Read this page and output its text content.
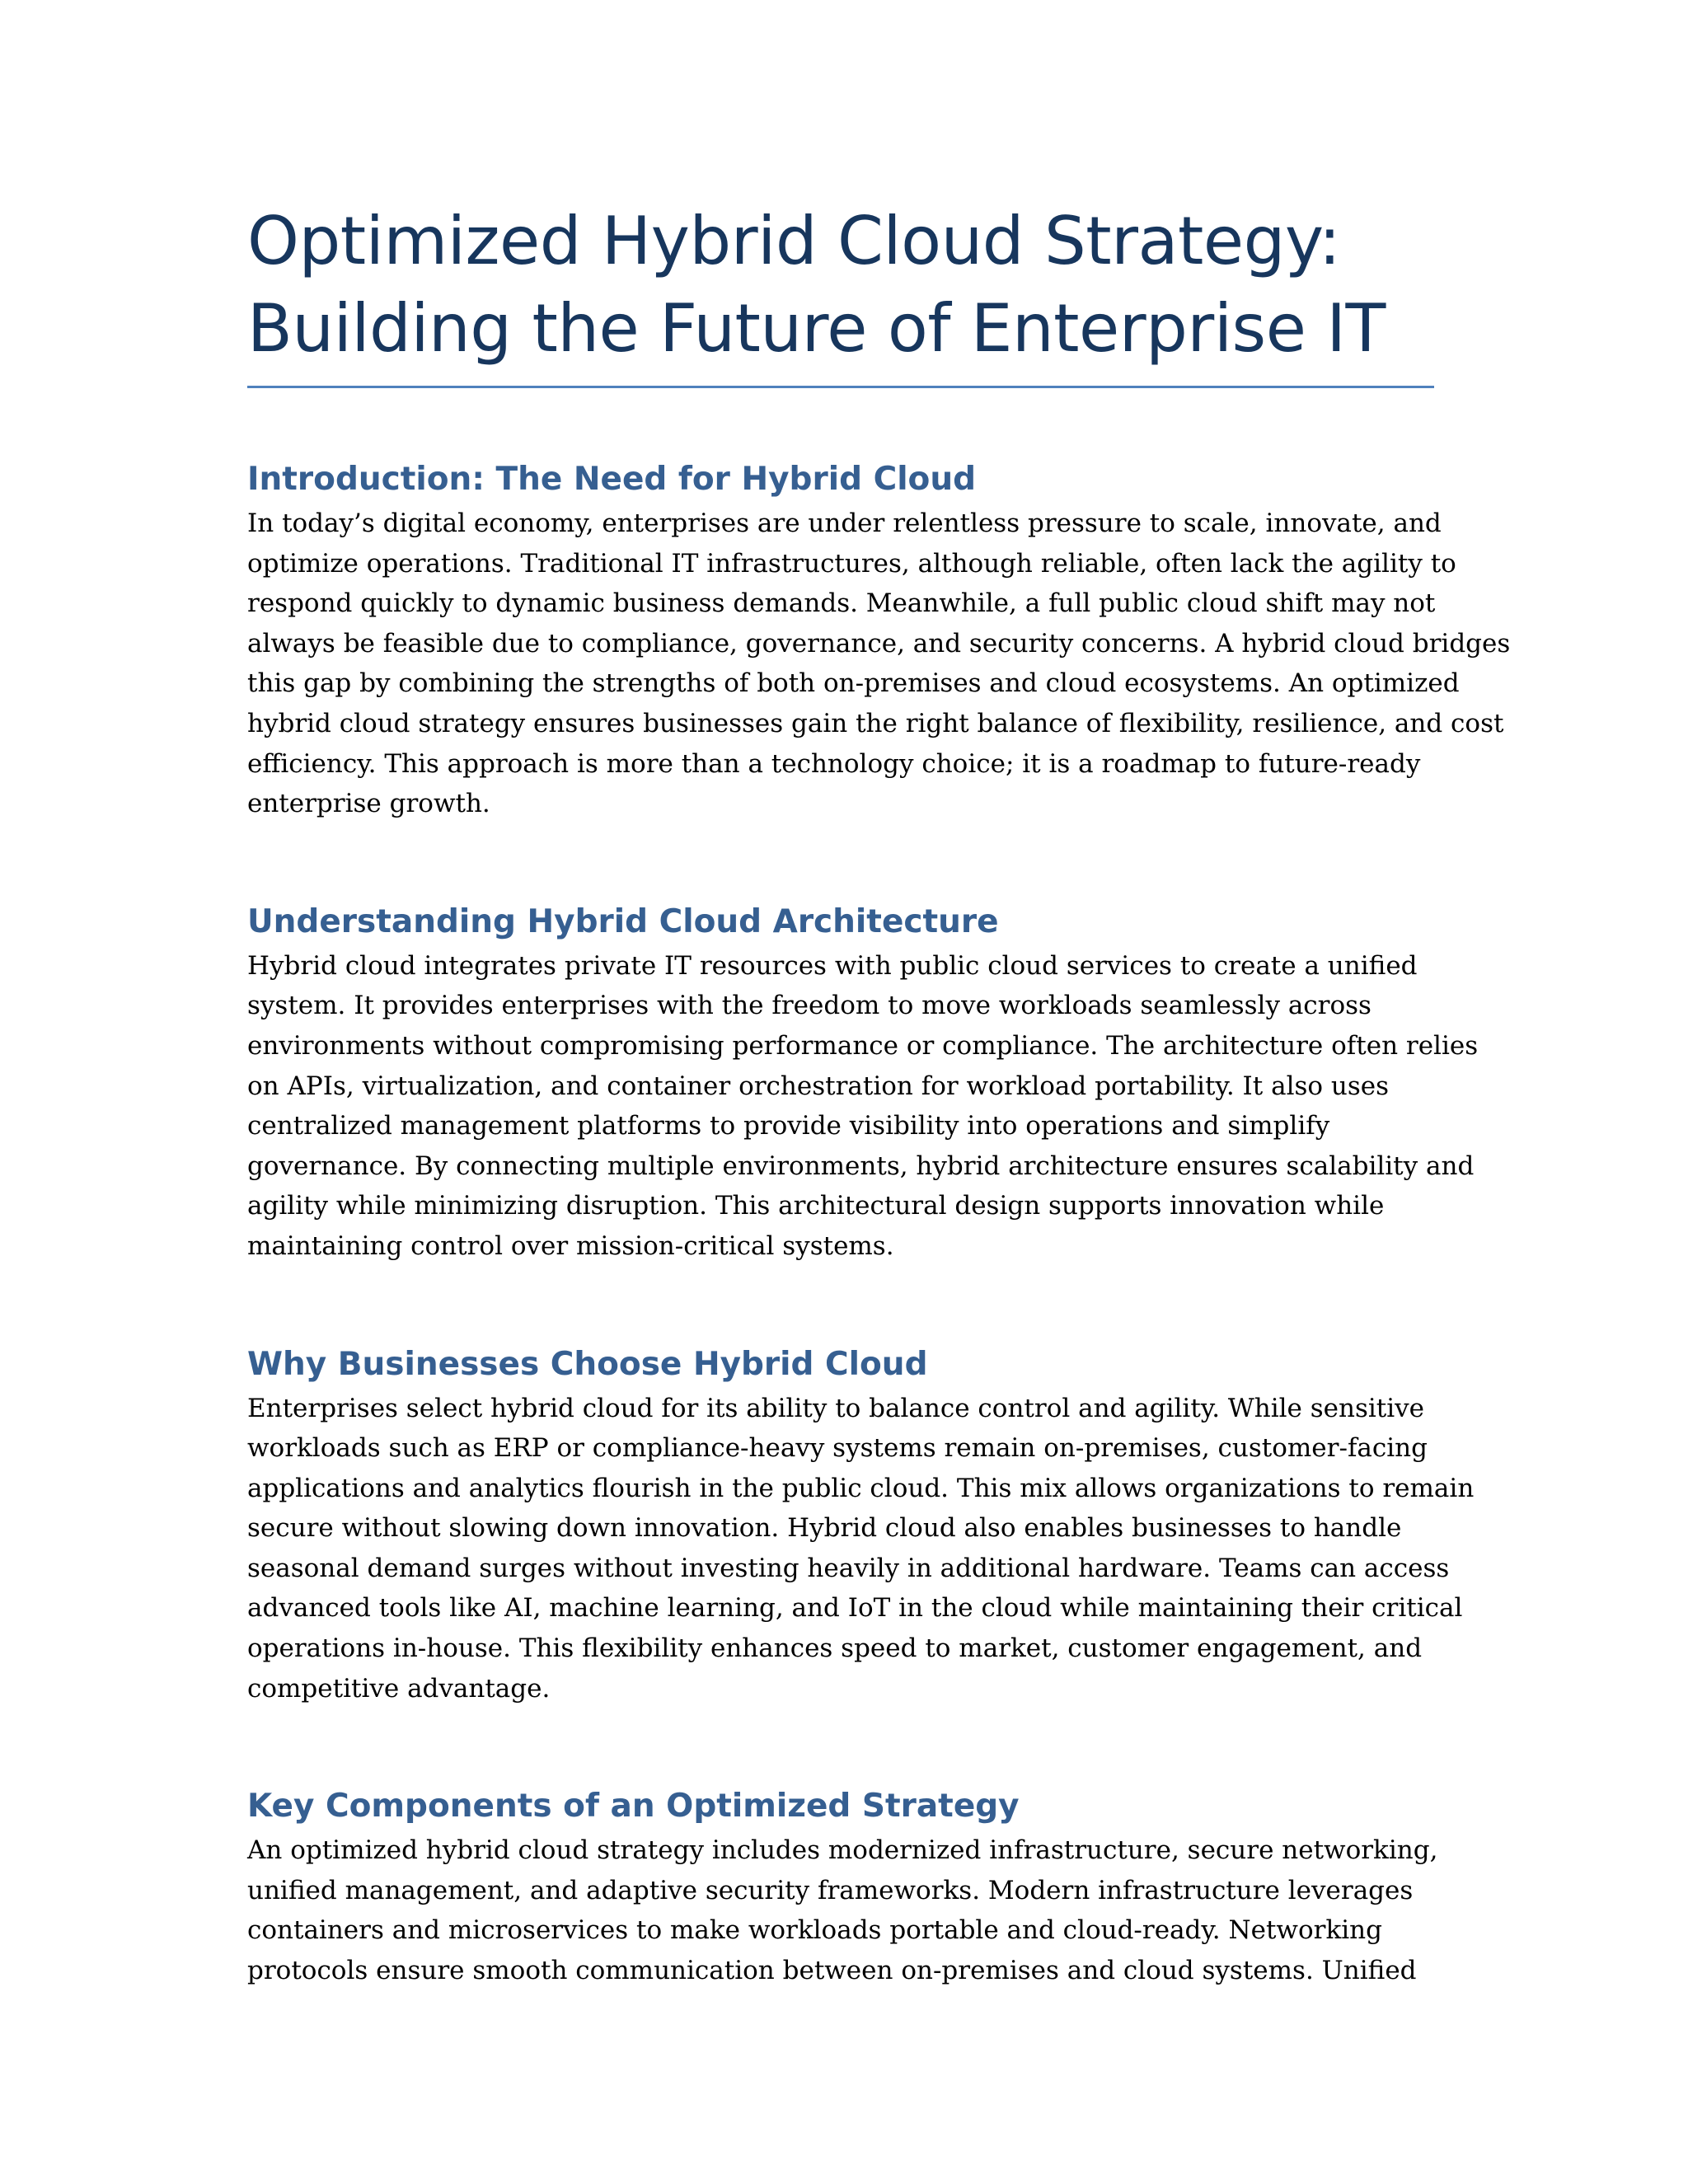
Optimized Hybrid Cloud Strategy:
Building the Future of Enterprise IT
Introduction: The Need for Hybrid Cloud

In today’s digital economy, enterprises are under relentless pressure to scale, innovate, and
optimize operations. Traditional IT infrastructures, although reliable, often lack the agility to
respond quickly to dynamic business demands. Meanwhile, a full public cloud shift may not
always be feasible due to compliance, governance, and security concerns. A hybrid cloud bridges
this gap by combining the strengths of both on-premises and cloud ecosystems. An optimized
hybrid cloud strategy ensures businesses gain the right balance of flexibility, resilience, and cost
efficiency. This approach is more than a technology choice; it is a roadmap to future-ready
enterprise growth.

Understanding Hybrid Cloud Architecture

Hybrid cloud integrates private IT resources with public cloud services to create a unified
system. It provides enterprises with the freedom to move workloads seamlessly across
environments without compromising performance or compliance. The architecture often relies
on APIs, virtualization, and container orchestration for workload portability. It also uses
centralized management platforms to provide visibility into operations and simplify
governance. By connecting multiple environments, hybrid architecture ensures scalability and
agility while minimizing disruption. This architectural design supports innovation while
maintaining control over mission-critical systems.

Why Businesses Choose Hybrid Cloud

Enterprises select hybrid cloud for its ability to balance control and agility. While sensitive
workloads such as ERP or compliance-heavy systems remain on-premises, customer-facing
applications and analytics flourish in the public cloud. This mix allows organizations to remain
secure without slowing down innovation. Hybrid cloud also enables businesses to handle
seasonal demand surges without investing heavily in additional hardware. Teams can access
advanced tools like AI, machine learning, and IoT in the cloud while maintaining their critical
operations in-house. This flexibility enhances speed to market, customer engagement, and
competitive advantage.

Key Components of an Optimized Strategy

An optimized hybrid cloud strategy includes modernized infrastructure, secure networking,
unified management, and adaptive security frameworks. Modern infrastructure leverages
containers and microservices to make workloads portable and cloud-ready. Networking
protocols ensure smooth communication between on-premises and cloud systems. Unified
